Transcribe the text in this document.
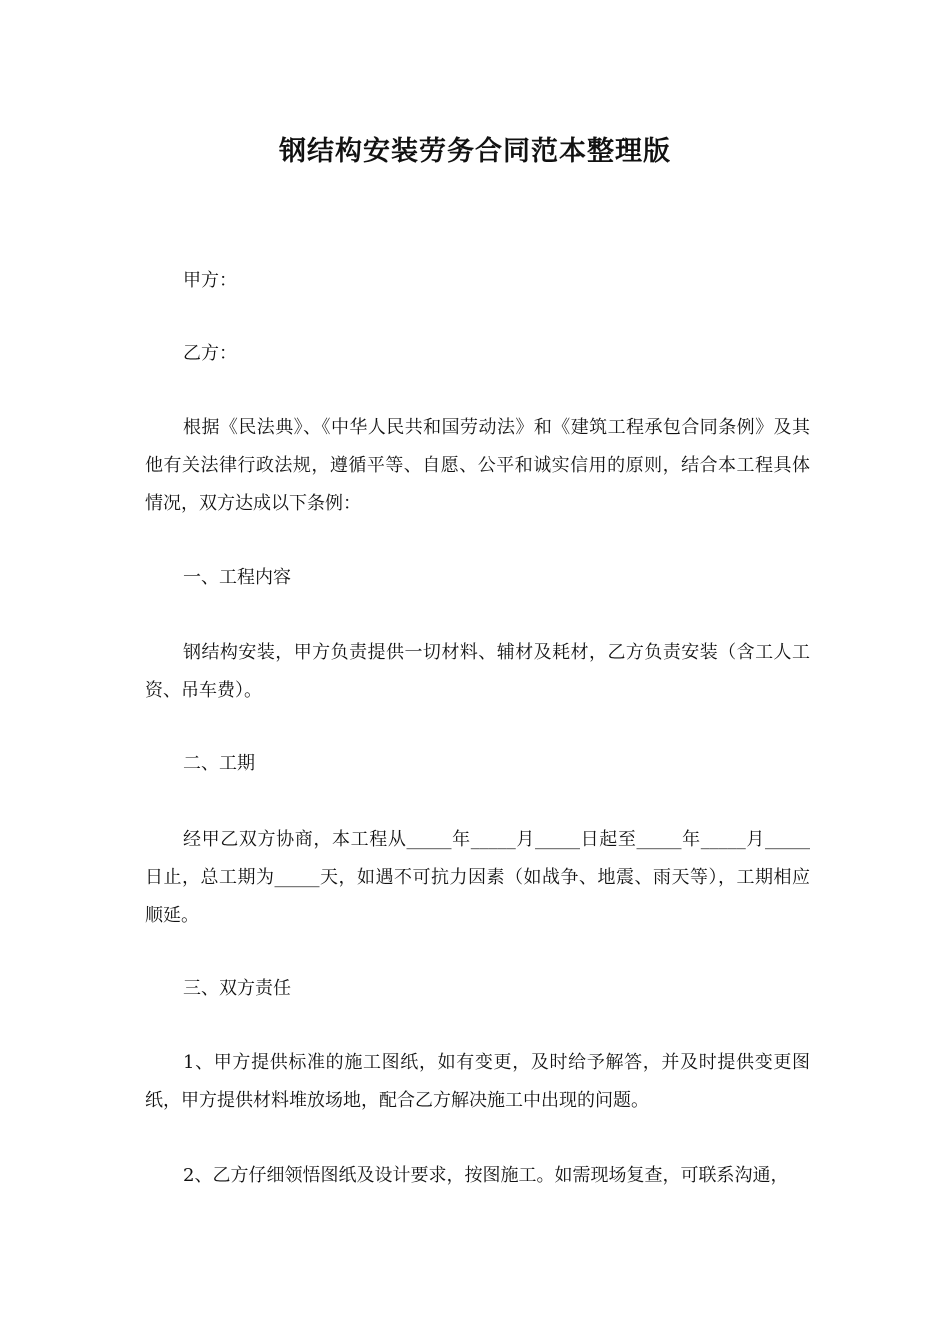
钢结构安装劳务合同范本整理版
甲方：
乙方：
根据《民法典》、《中华人民共和国劳动法》和《建筑工程承包合同条例》及其他有关法律行政法规，遵循平等、自愿、公平和诚实信用的原则，结合本工程具体情况，双方达成以下条例：
一、工程内容
钢结构安装，甲方负责提供一切材料、辅材及耗材，乙方负责安装（含工人工资、吊车费）。
二、工期
经甲乙双方协商，本工程从_____年_____月_____日起至_____年_____月_____日止，总工期为_____天，如遇不可抗力因素（如战争、地震、雨天等），工期相应顺延。
三、双方责任
1、甲方提供标准的施工图纸，如有变更，及时给予解答，并及时提供变更图纸，甲方提供材料堆放场地，配合乙方解决施工中出现的问题。
2、乙方仔细领悟图纸及设计要求，按图施工。如需现场复查，可联系沟通，
